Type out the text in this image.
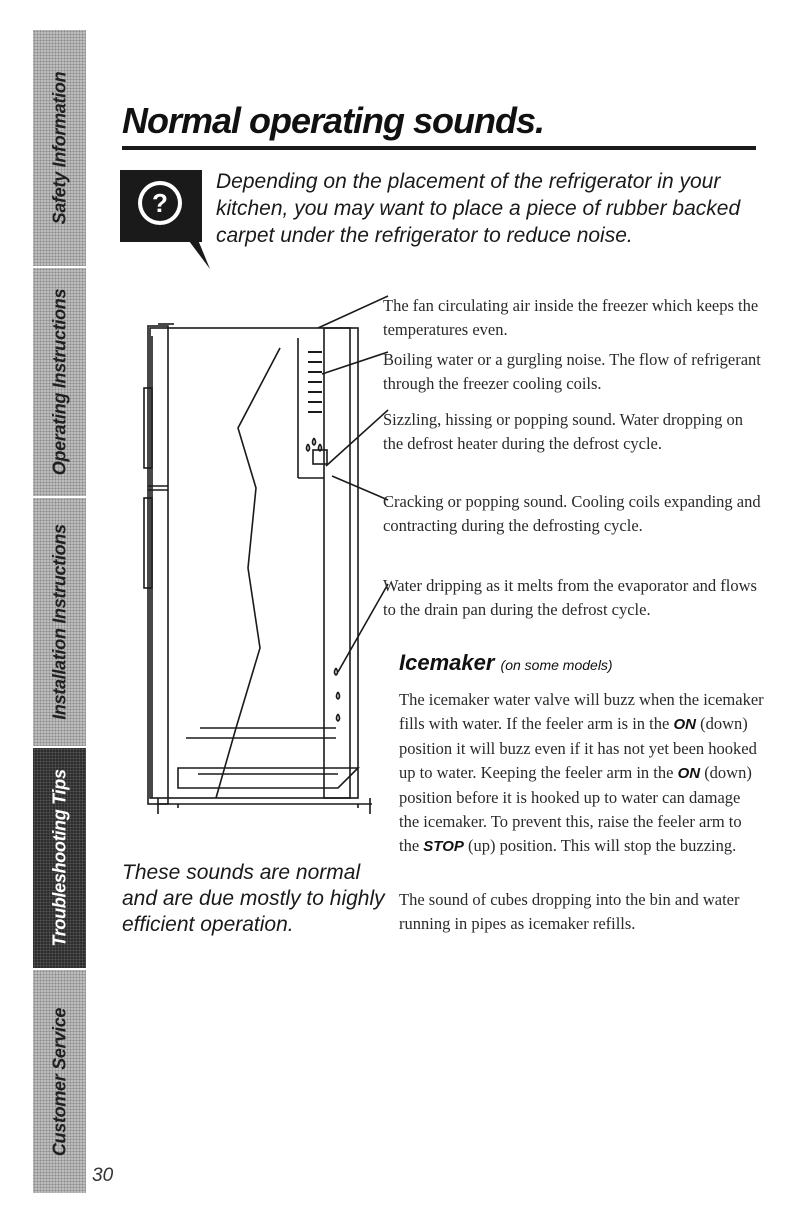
Safety Information
Operating Instructions
Installation Instructions
Troubleshooting Tips
Customer Service
Normal operating sounds.
?

Depending on the placement of the refrigerator in your kitchen, you may want to place a piece of rubber backed carpet under the refrigerator to reduce noise.

The fan circulating air inside the freezer which keeps the temperatures even.

Boiling water or a gurgling noise. The flow of refrigerant through the freezer cooling coils.

Sizzling, hissing or popping sound. Water dropping on the defrost heater during the defrost cycle.

Cracking or popping sound. Cooling coils expanding and contracting during the defrosting cycle.

Water dripping as it melts from the evaporator and flows to the drain pan during the defrost cycle.

Icemaker (on some models)

The icemaker water valve will buzz when the icemaker fills with water. If the feeler arm is in the ON (down) position it will buzz even if it has not yet been hooked up to water. Keeping the feeler arm in the ON (down) position before it is hooked up to water can damage the icemaker. To prevent this, raise the feeler arm to the STOP (up) position. This will stop the buzzing.

The sound of cubes dropping into the bin and water running in pipes as icemaker refills.

These sounds are normal and are due mostly to highly efficient operation.

30
